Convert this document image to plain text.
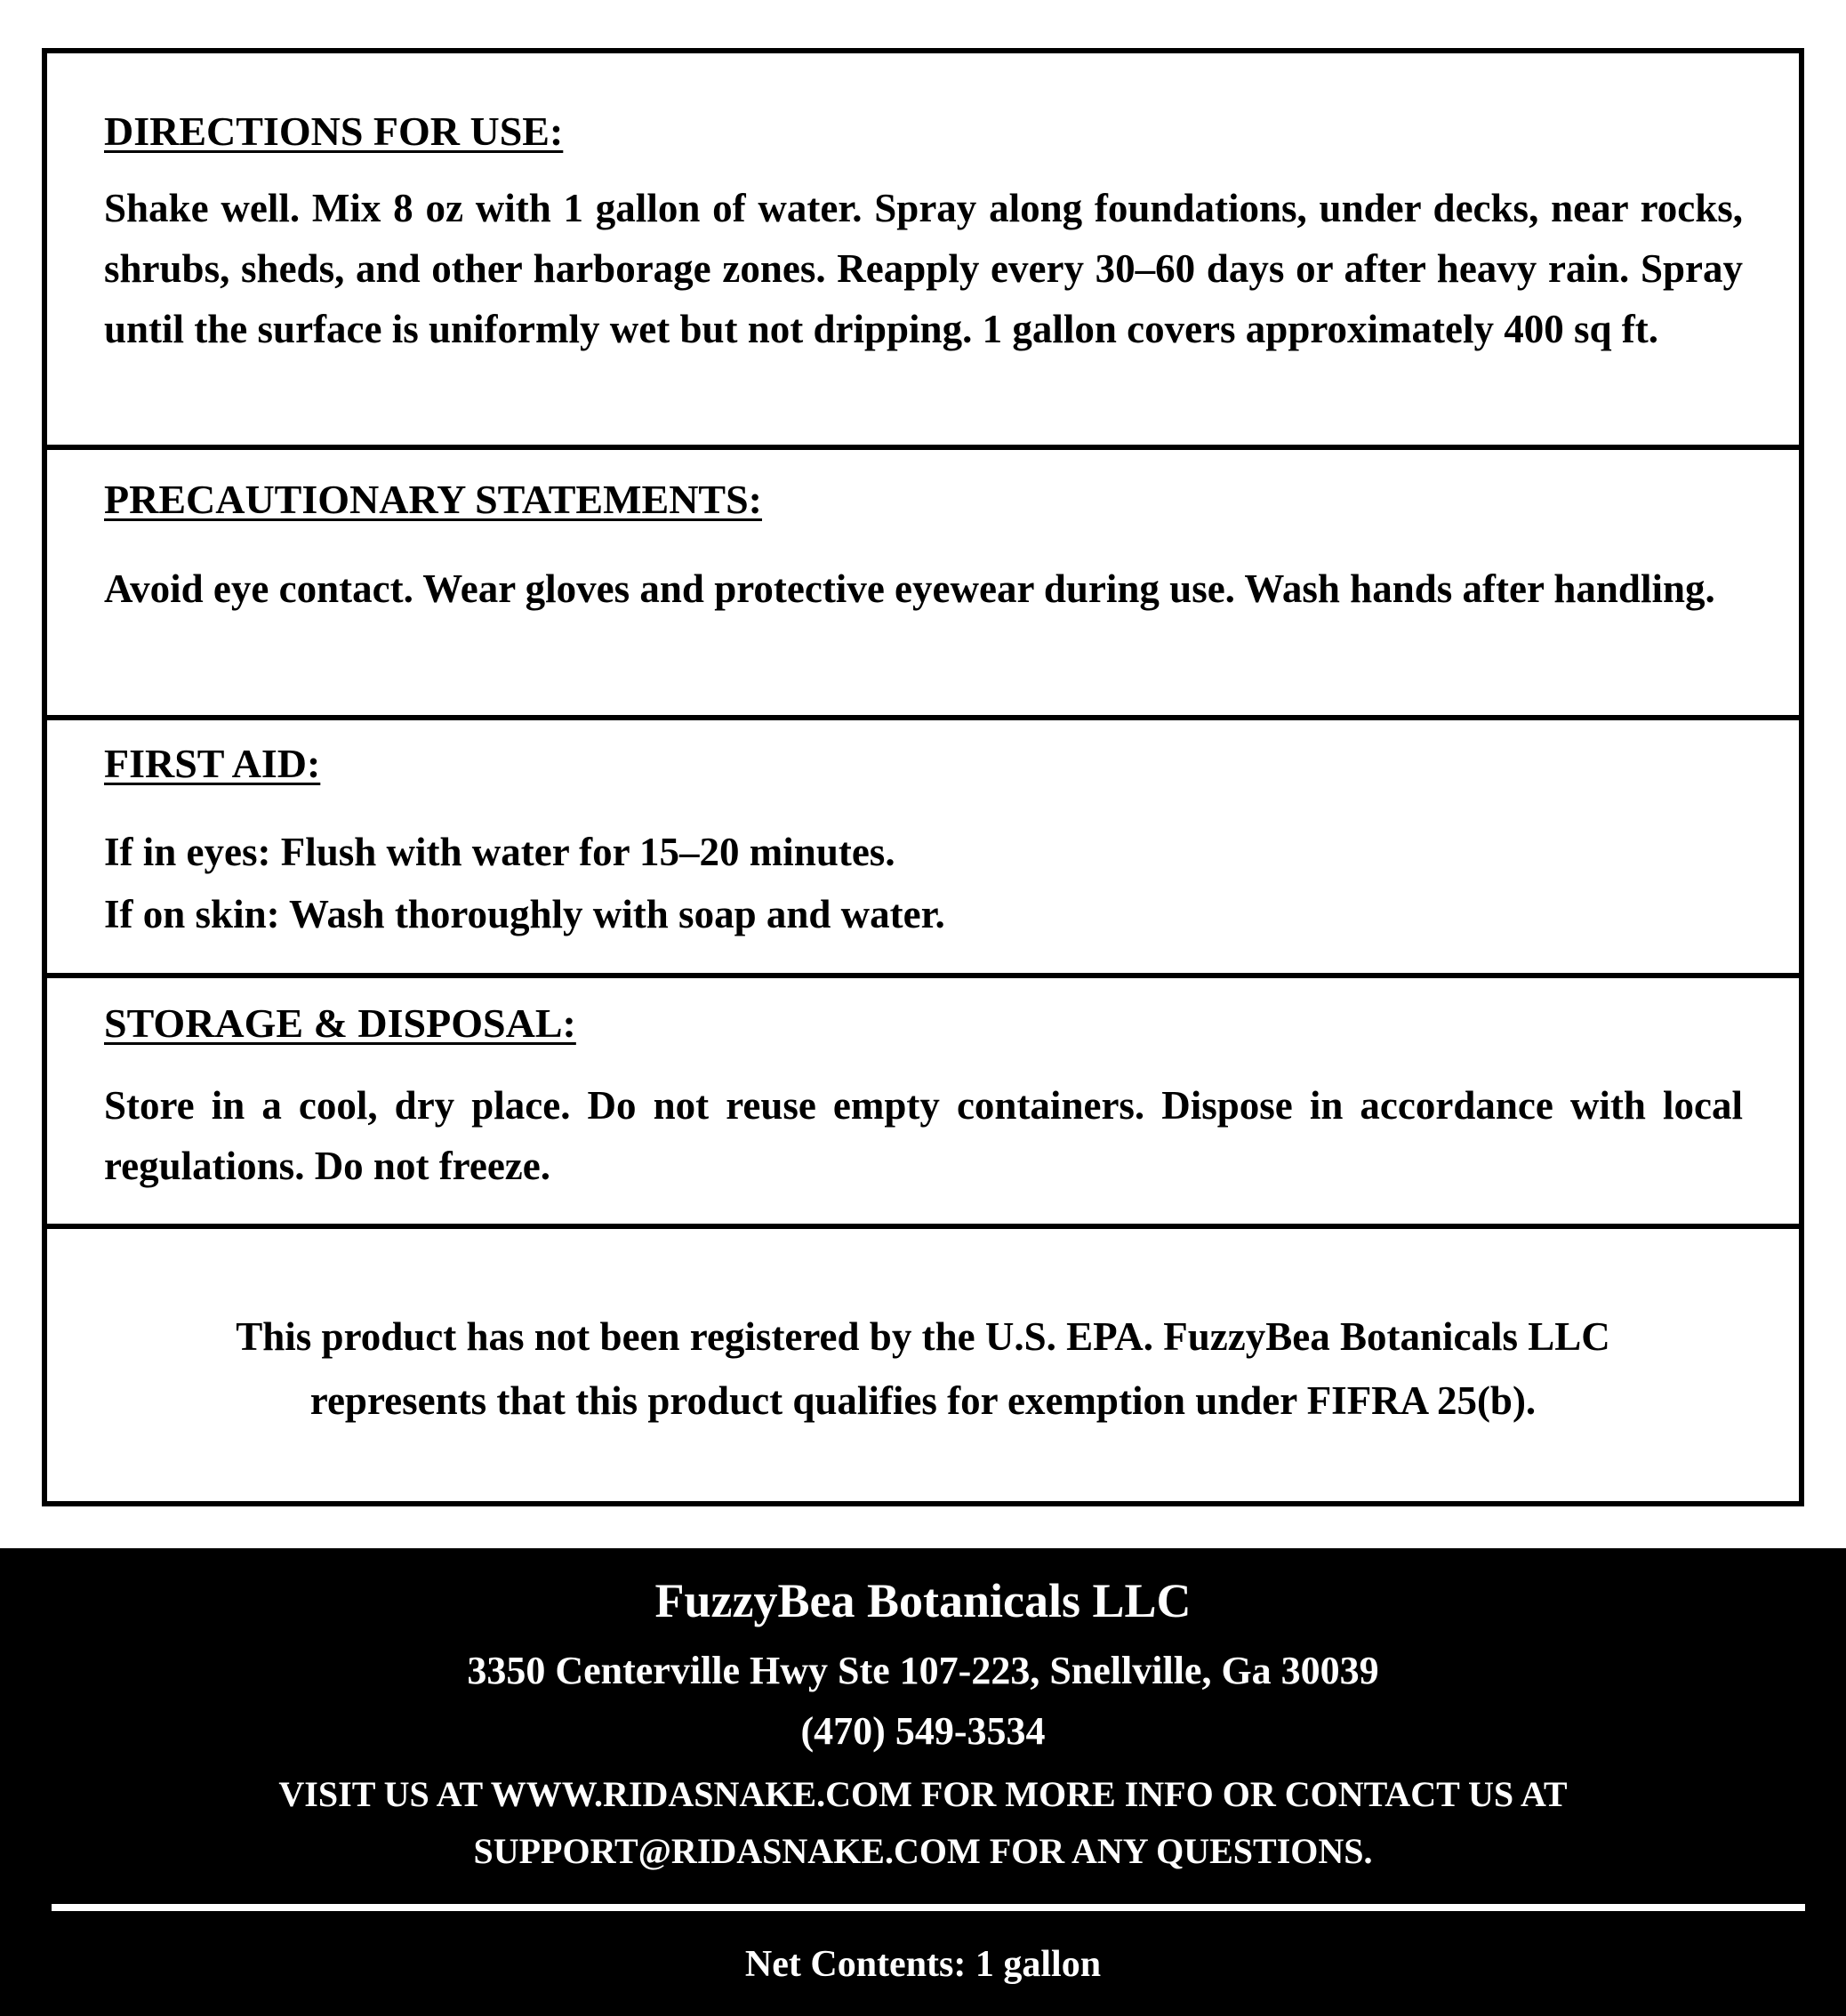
DIRECTIONS FOR USE:

Shake well. Mix 8 oz with 1 gallon of water. Spray along foundations, under decks, near rocks, shrubs, sheds, and other harborage zones. Reapply every 30–60 days or after heavy rain. Spray until the surface is uniformly wet but not dripping. 1 gallon covers approximately 400 sq ft.

PRECAUTIONARY STATEMENTS:

Avoid eye contact. Wear gloves and protective eyewear during use. Wash hands after handling.

FIRST AID:

If in eyes: Flush with water for 15–20 minutes.

If on skin: Wash thoroughly with soap and water.

STORAGE & DISPOSAL:

Store in a cool, dry place. Do not reuse empty containers. Dispose in accordance with local regulations. Do not freeze.

This product has not been registered by the U.S. EPA. FuzzyBea Botanicals LLC
represents that this product qualifies for exemption under FIFRA 25(b).
FuzzyBea Botanicals LLC
3350 Centerville Hwy Ste 107-223, Snellville, Ga 30039
(470) 549-3534
VISIT US AT WWW.RIDASNAKE.COM FOR MORE INFO OR CONTACT US AT
SUPPORT@RIDASNAKE.COM FOR ANY QUESTIONS.
Net Contents: 1 gallon
